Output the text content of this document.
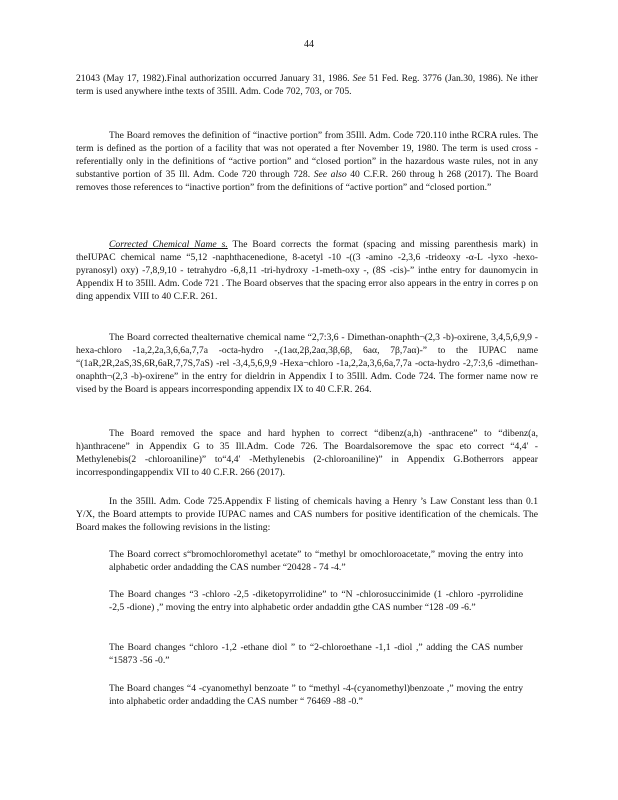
44

21043 (May 17, 1982).Final authorization occurred January 31, 1986. See 51 Fed. Reg. 3776 (Jan.30, 1986). Ne ither term is used anywhere inthe texts of 35Ill. Adm. Code 702, 703, or 705.

The Board removes the definition of “inactive portion” from 35Ill. Adm. Code 720.110 inthe RCRA rules. The term is defined as the portion of a facility that was not operated a fter November 19, 1980. The term is used cross - referentially only in the definitions of “active portion” and “closed portion” in the hazardous waste rules, not in any substantive portion of 35 Ill. Adm. Code 720 through 728. See also 40 C.F.R. 260 throug h 268 (2017). The Board removes those references to “inactive portion” from the definitions of “active portion” and “closed portion.”

Corrected Chemical Name s. The Board corrects the format (spacing and missing parenthesis mark) in theIUPAC chemical name “5,12 -naphthacenedione, 8-acetyl -10 -((3 -amino -2,3,6 -trideoxy -α-L -lyxo -hexo-pyranosyl) oxy) -7,8,9,10 - tetrahydro -6,8,11 -tri-hydroxy -1-meth-oxy -, (8S -cis)-” inthe entry for daunomycin in Appendix H to 35Ill. Adm. Code 721 . The Board observes that the spacing error also appears in the entry in corres p on ding appendix VIII to 40 C.F.R. 261.

The Board corrected thealternative chemical name “2,7:3,6 - Dimethan-onaphth¬(2,3 -b)-oxirene, 3,4,5,6,9,9 -hexa-chloro -1a,2,2a,3,6,6a,7,7a -octa-hydro -,(1aα,2β,2aα,3β,6β, 6aα, 7β,7aα)-” to the IUPAC name “(1aR,2R,2aS,3S,6R,6aR,7,7S,7aS) -rel -3,4,5,6,9,9 -Hexa¬chloro -1a,2,2a,3,6,6a,7,7a -octa-hydro -2,7:3,6 -dimethan-onaphth¬(2,3 -b)-oxirene” in the entry for dieldrin in Appendix I to 35Ill. Adm. Code 724. The former name now re vised by the Board is appears incorresponding appendix IX to 40 C.F.R. 264.

The Board removed the space and hard hyphen to correct “dibenz(a,h) -anthracene” to “dibenz(a, h)anthracene” in Appendix G to 35 Ill.Adm. Code 726. The Boardalsoremove the spac eto correct “4,4′ - Methylenebis(2 -chloroaniline)” to“4,4′ -Methylenebis (2-chloroaniline)” in Appendix G.Botherrors appear incorrespondingappendix VII to 40 C.F.R. 266 (2017).

In the 35Ill. Adm. Code 725.Appendix F listing of chemicals having a Henry ’s Law Constant less than 0.1 Y/X, the Board attempts to provide IUPAC names and CAS numbers for positive identification of the chemicals. The Board makes the following revisions in the listing:

The Board correct s“bromochloromethyl acetate” to “methyl br omochloroacetate,” moving the entry into alphabetic order andadding the CAS number “20428 - 74 -4.”

The Board changes “3 -chloro -2,5 -diketopyrrolidine” to “N -chlorosuccinimide (1 -chloro -pyrrolidine -2,5 -dione) ,” moving the entry into alphabetic order andaddin gthe CAS number “128 -09 -6.”

The Board changes “chloro -1,2 -ethane diol ” to “2-chloroethane -1,1 -diol ,” adding the CAS number “15873 -56 -0.”

The Board changes “4 -cyanomethyl benzoate ” to “methyl -4-(cyanomethyl)benzoate ,” moving the entry into alphabetic order andadding the CAS number “ 76469 -88 -0.”
